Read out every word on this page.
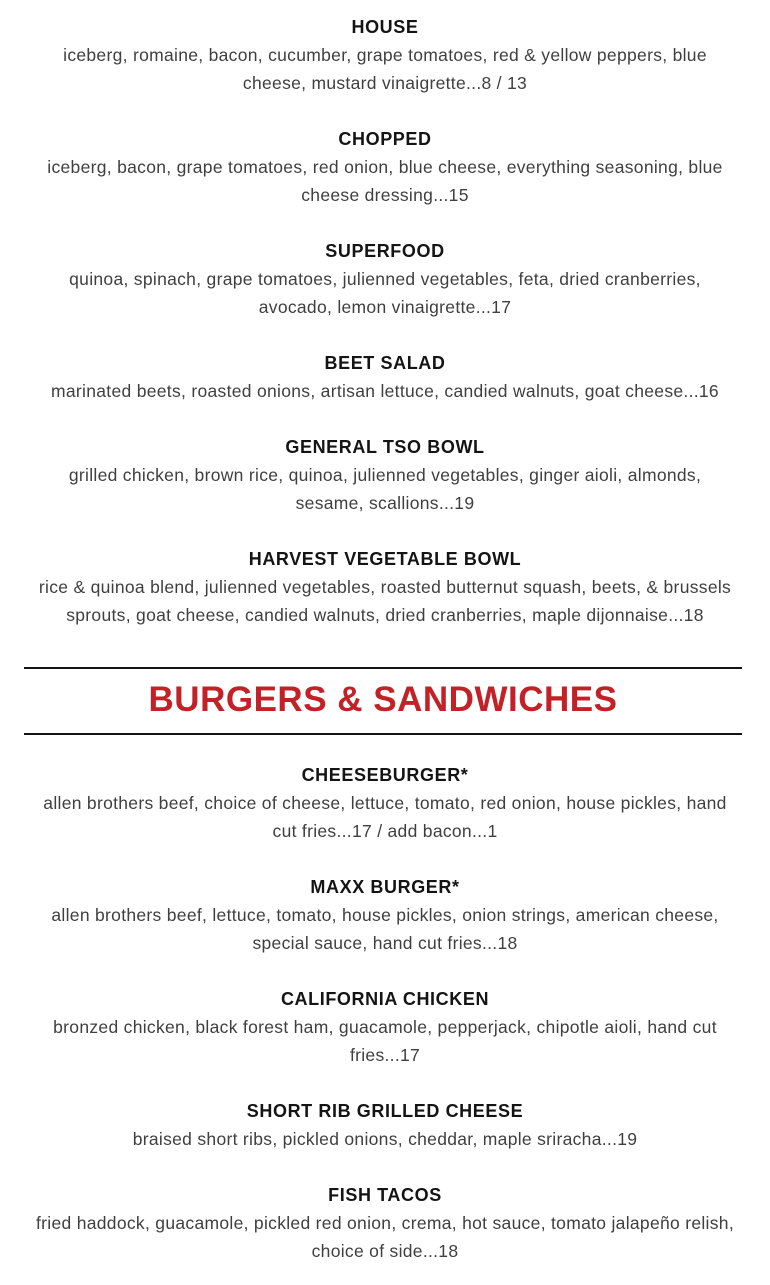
HOUSE

iceberg, romaine, bacon, cucumber, grape tomatoes, red & yellow peppers, blue cheese, mustard vinaigrette...8 / 13

CHOPPED

iceberg, bacon, grape tomatoes, red onion, blue cheese, everything seasoning, blue cheese dressing...15

SUPERFOOD

quinoa, spinach, grape tomatoes, julienned vegetables, feta, dried cranberries, avocado, lemon vinaigrette...17

BEET SALAD

marinated beets, roasted onions, artisan lettuce, candied walnuts, goat cheese...16

GENERAL TSO BOWL

grilled chicken, brown rice, quinoa, julienned vegetables, ginger aioli, almonds, sesame, scallions...19

HARVEST VEGETABLE BOWL

rice & quinoa blend, julienned vegetables, roasted butternut squash, beets, & brussels sprouts, goat cheese, candied walnuts, dried cranberries, maple dijonnaise...18

BURGERS & SANDWICHES
CHEESEBURGER*

allen brothers beef, choice of cheese, lettuce, tomato, red onion, house pickles, hand cut fries...17 / add bacon...1

MAXX BURGER*

allen brothers beef, lettuce, tomato, house pickles, onion strings, american cheese, special sauce, hand cut fries...18

CALIFORNIA CHICKEN

bronzed chicken, black forest ham, guacamole, pepperjack, chipotle aioli, hand cut fries...17

SHORT RIB GRILLED CHEESE

braised short ribs, pickled onions, cheddar, maple sriracha...19

FISH TACOS

fried haddock, guacamole, pickled red onion, crema, hot sauce, tomato jalapeño relish, choice of side...18
